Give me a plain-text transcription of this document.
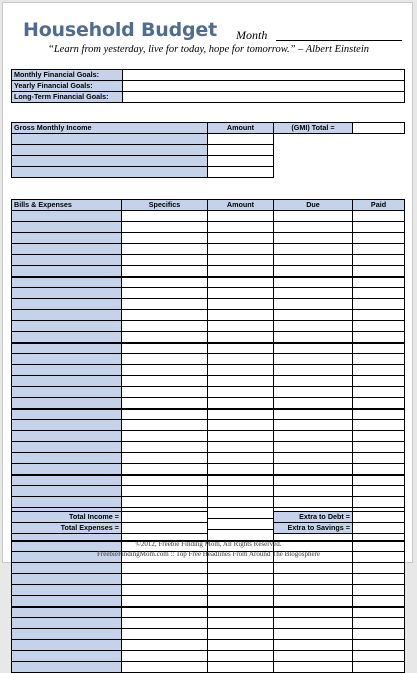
Household Budget Month
“Learn from yesterday, live for today, hope for tomorrow.” – Albert Einstein
Monthly Financial Goals:	
Yearly Financial Goals:	
Long-Term Financial Goals:	
Gross Monthly Income	Amount	(GMI) Total =	

Bills & Expenses	Specifics	Amount	Due	Paid

Total Income =			Extra to Debt =	
Total Expenses =			Extra to Savings =	
©2012, Freebie Finding Mom, All Rights Reserved.
FreebieFindingMom.com :: Top Free Headlines From Around The Blogosphere
